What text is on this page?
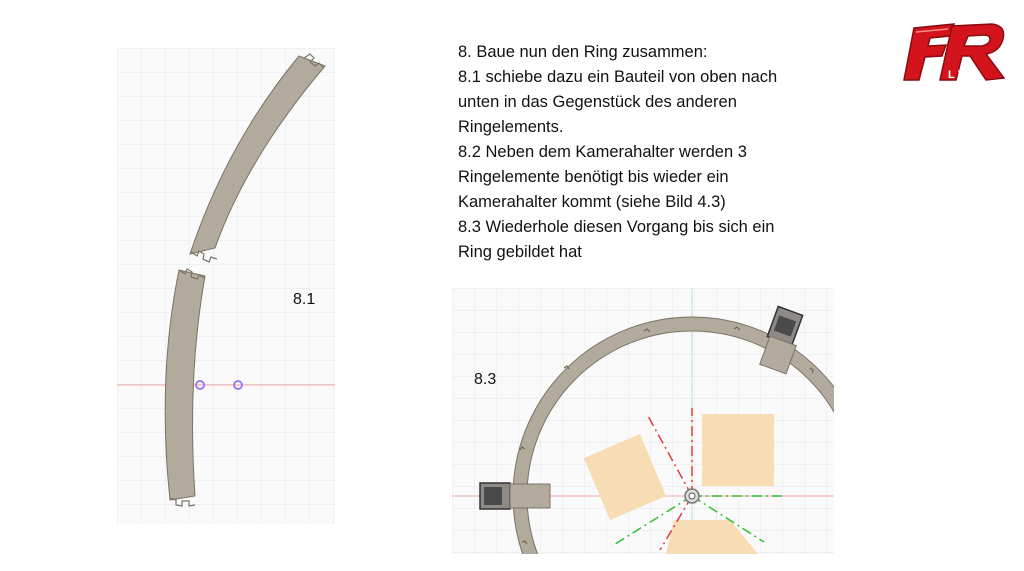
8.1
8. Baue nun den Ring zusammen:
8.1 schiebe dazu ein Bauteil von oben nach
unten in das Gegenstück des anderen
Ringelements.
8.2 Neben dem Kamerahalter werden 3
Ringelemente benötigt bis wieder ein
Kamerahalter kommt (siehe Bild 4.3)
8.3 Wiederhole diesen Vorgang bis sich ein
Ring gebildet hat
8.3
L Y
